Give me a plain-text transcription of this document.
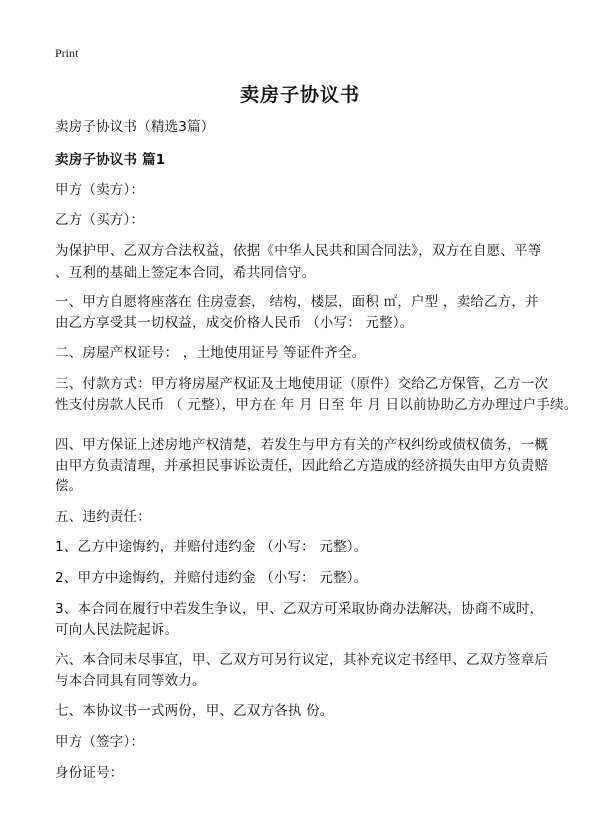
Print
卖房子协议书
卖房子协议书（精选3篇）
卖房子协议书 篇1
甲方（卖方）：
乙方（买方）：
为保护甲、乙双方合法权益，依据《中华人民共和国合同法》，双方在自愿、平等
、互利的基础上签定本合同，希共同信守。
一、甲方自愿将座落在 住房壹套， 结构，楼层，面积 ㎡，户型 ，卖给乙方，并
由乙方享受其一切权益，成交价格人民币 （小写： 元整）。
二、房屋产权证号： ，土地使用证号 等证件齐全。
三、付款方式：甲方将房屋产权证及土地使用证（原件）交给乙方保管，乙方一次
性支付房款人民币 （ 元整），甲方在 年 月 日至 年 月 日以前协助乙方办理过户手续。
四、甲方保证上述房地产权清楚，若发生与甲方有关的产权纠纷或债权债务，一概
由甲方负责清理，并承担民事诉讼责任，因此给乙方造成的经济损失由甲方负责赔
偿。
五、违约责任：
1、乙方中途悔约，并赔付违约金 （小写： 元整）。
2、甲方中途悔约，并赔付违约金 （小写： 元整）。
3、本合同在履行中若发生争议，甲、乙双方可采取协商办法解决，协商不成时，
可向人民法院起诉。
六、本合同未尽事宜，甲、乙双方可另行议定，其补充议定书经甲、乙双方签章后
与本合同具有同等效力。
七、本协议书一式两份，甲、乙双方各执 份。
甲方（签字）：
身份证号：
